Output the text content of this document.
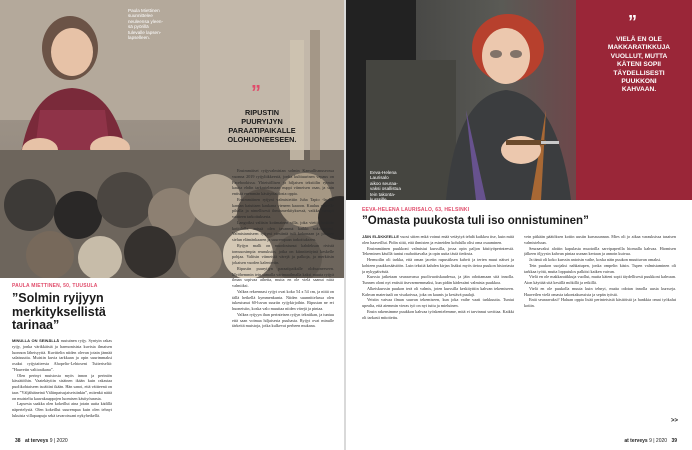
Paula Miettinen
suunnittelee
neuleensa yleen-
sä pyörillä
tulevalle lapsen-
lapselleen.
”
RIPUSTIN
PUURYIJYN
PARAATIPAIKALLE
OLOHUONEESEEN.
PAULA MIETTINEN, 50, TUUSULA
”Solmin ryijyyn
merkityksellistä
tarinaa”

MINULLA ON SEINÄLLÄ ruutuinen ryijy. Syntyin rakas ryijy, jonka värikkäistä ja harmonisista kuvista ilmaisen luonnon läheisyyttä. Kuvittelin niiden olevan jotain jännää salaisuutta. Muistin kuvia tarkkaan ja opin suurimmaksi osaksi ryijytaiteesta Ahopelto-Lehtoseni Tuiteriseltä: ”Hauvetin valtioaikana”.

Olen perinyt muistosta myös innon ja perintön kässätöihin. Vaatekäytiin sisäinen ikään kuin rakastaa puolikohtaiseen isoäitini ikään. Hän sanoi, että väitteenä on taas ”Väljähtäneinä Väliinpatsujaiseisiinkin”, mitenkä näitä on muisteltu kaavakauppojen luomisen käsityöurasta.

Lapsesta saakka olen kokeillut aina jotain uutta kädillä näpertelystä. Olen kokeillut suurempaa kuin olen tehnyt lukuisia villapaapuja sekä tavaroissani nykyhetkellä.

Ensimmäiset ryijyvalmistan solmin Kansallismuseossa vuonna 2019 ryijyliikkeestä, jonka kulttuurinen vapaus on Facebookissa. Yhteisöllisen ja hiljaisen tekstiilin rytmin kautta ehdin tarkastelemaan nuppi viimeisen osan, ja sain entistä enemmän käsityötaidosta oppia.

Ensimmäinen ryijyni valmistettiin Juha Tapio -laulun kansan kaiuttaen kaukana vieneen kaaoon. Kuuluu suurelle pihalla ja nimellisesti ihmismerkityksessä, vaikka menipä vaatteen tarkoituksesta.

Langoiksi valitsin kotimainen villa, joka viettii isoäidin kotitilalla, missä olen tavannut kaikki sukulaisiani. Valmistamiseen ryijyni viestintä tuli kokonaan ja johtuen sielun elämänkaaren ja suurempaan tarkoitukseen.

Ryijyn malli on muodostunut kahdeksan rivistä tomsuosimpia reunuksiin, jotka on kiinnitettyinä keskelle pohjaa. Valitsin viimeisiä värejä ja palkoja, ja merkitsin jokaisen vuoden kalenteriin.

Ripustin puuryijyn paraatipaikalle olohuoneeseen. Myöhemmin tein samalla värimaailmalla kaksi muuta ryijyä ilman sopivaa aihetta, mutta en ole vielä saanut niitä valmiiksi.

Valkea rekrennasi ryijyt ovat koko 54 x 54 cm, ja niitä on tällä hetkellä kymmenkunta. Niiden suunnittelussa olen tukeutunut 60-luvun suuriin ryijykirjoihin. Ripustan ne eri huoneisiin, koska valo muuttaa niiden värejä ja pintaa.

Valkea ryijyyn ihan perinteisen ryijyn tekniikan, ja tuntuu että saan voimaa hiljaisesta puuhasta. Ryijyt ovat minulle tärkeitä muistoja, jotka kulkevat perheen mukana.

38 at terveys 9 | 2020
Eeva-Helena
Laurisalo
aikoo seuraa-
vaksi osallistua
tein takonta-
kurssille.
”
VIELÄ EN OLE
MAKKARATIKKUJA
VUOLLUT, MUTTA
KÄTENI SOPII
TÄYDELLISESTI
PUUKKONI
KAHVAAN.
EEVA-HELENA LAURISALO, 63, HELSINKI
”Omasta puukosta tuli iso onnistuminen”

JÄIN ELÄKKEELLE vuosi sitten enkä voinut enää vetäytyä tehdä kaikkea itse, kuin mitä olen haaveillut. Pidin siitä, että ihmisten ja esineiden kohdalla olisi oma osaaminen.

Ensimmäinen puukkoni valmistui kurssilla, jossa opin paljon käsityöperinteestä. Tekeminen käsillä tuntui rauhoittavalta ja opin uutta tästä tiedosta.

Hermoilin oli tarkka, että oman jacetin rupustiksen kahvit ja terien muut näiset ja kohteen puukkosäästöön. Luin tekstiä kahden kirjan lisäksi myös tietoa puukon historiasta ja nykypäivästä.

Kurssia jatketaan seuraavassa puolivuotiskaudessa, ja jäin odottamaan sitä innolla. Tunnen oloni nyt entistä itsevarmemmaksi, kun pidän kädessäni valmista puukkoa.

Alkeiskurssin puukon terä oli valmis, joten kurssilla keskityttiin kahvan tekemiseen. Kahvan materiaali on visakoivua, joka on kaunis ja kestävä puulaji.

Veistin vaivaa ilman sauvan tekemiseen, kun joka vaihe vaati tarkkuutta. Tuntui upealta, että aiemmin vieras työ on nyt tuttu ja mieluinen.

Ensin rakensimme puukkon kahvaa työskentelemme, mitä ei tarvinnut sovittaa. Kaikki oli tarkasti mitoitettu.

vein pitkään päätöksen kotiin uusiin kurssuunnan. Mies oli jo aikaa varauksissa tasaisen valmisteluun.

Seuraavaksi aloitin kapulasta muotoilla sarvipaperilla hiomalla kahvaa. Hiomisen jälkeen öljyysin kahvan pintaa useaan kertaan ja annoin kuivua.

Ja tämä oli koko kurssin antoisin vaihe, koska näin puukon muuttuvan omaksi.

Tein puukon suojaksi nahkatupen, jonka ompelin käsin. Tupen valmistaminen oli tarkkaa työtä, mutta lopputulos palkitsi kaiken vaivan.

Vielä en ole makkaratikkuja vuollut, mutta käteni sopii täydellisesti puukkoni kahvaan. Aion käyttää sitä kesällä mökillä ja retkillä.

Vielä en ole puukolla muuta kuin tehnyt, mutta odotan innolla uusia kursseja. Haaveilen vielä omasta takontakurssista ja sepän työstä.

Entä seuraavaksi? Haluan oppia lisää perinteisistä käsitöistä ja hankkia omat työkalut kotiin.

>>
at terveys 9 | 2020 39
